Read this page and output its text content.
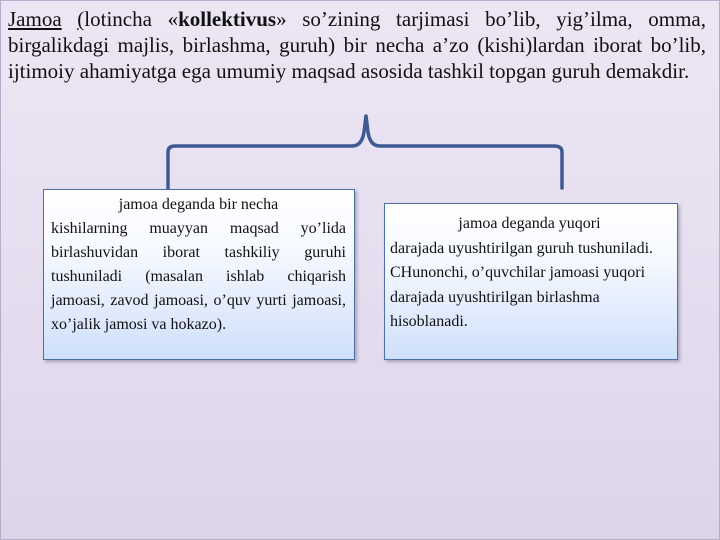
Jamoa (lotincha «kollektivus» so’zining tarjimasi bo’lib, yig’ilma, omma, birgalikdagi majlis, birlashma, guruh) bir necha a’zo (kishi)lardan iborat bo’lib, ijtimoiy ahamiyatga ega umumiy maqsad asosida tashkil topgan guruh demakdir.

jamoa deganda bir necha
kishilarning muayyan maqsad yo’lida birlashuvidan iborat tashkiliy guruhi tushuniladi (masalan ishlab chiqarish jamoasi, zavod jamoasi, o’quv yurti jamoasi, xo’jalik jamosi va hokazo).
jamoa deganda yuqori
darajada uyushtirilgan guruh tushuniladi. CHunonchi, o’quvchilar jamoasi yuqori darajada uyushtirilgan birlashma hisoblanadi.
